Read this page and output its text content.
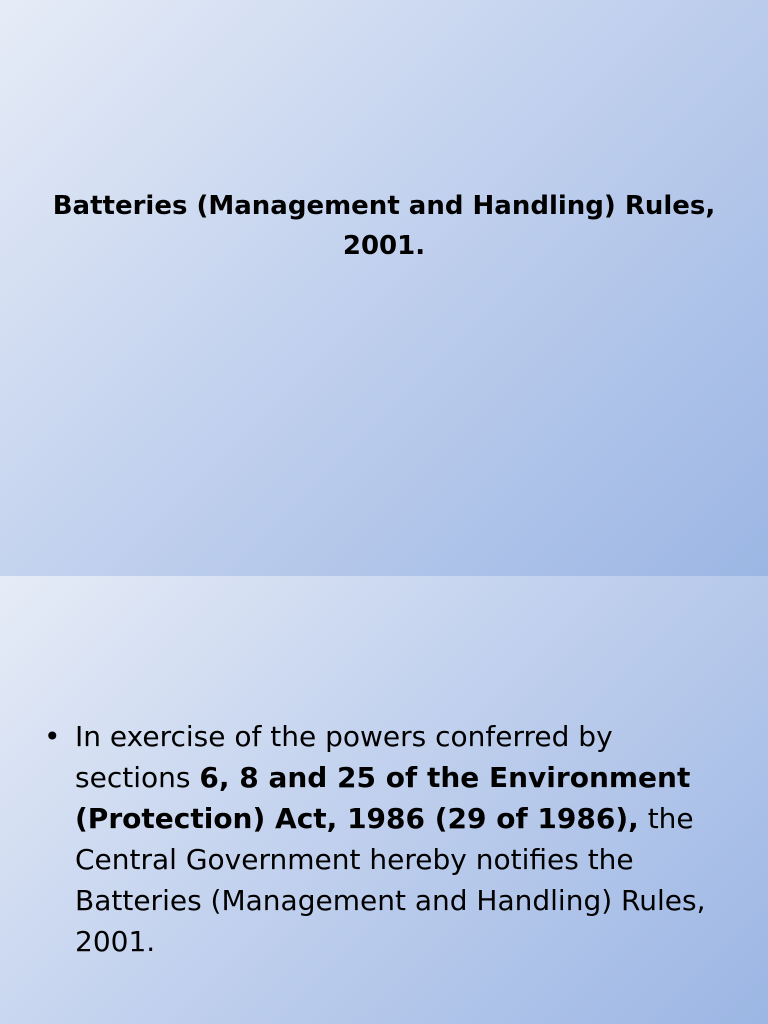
Batteries (Management and Handling) Rules,
2001.
• In exercise of the powers conferred by
sections 6, 8 and 25 of the Environment
(Protection) Act, 1986 (29 of 1986), the
Central Government hereby notifies the
Batteries (Management and Handling) Rules,
2001.
